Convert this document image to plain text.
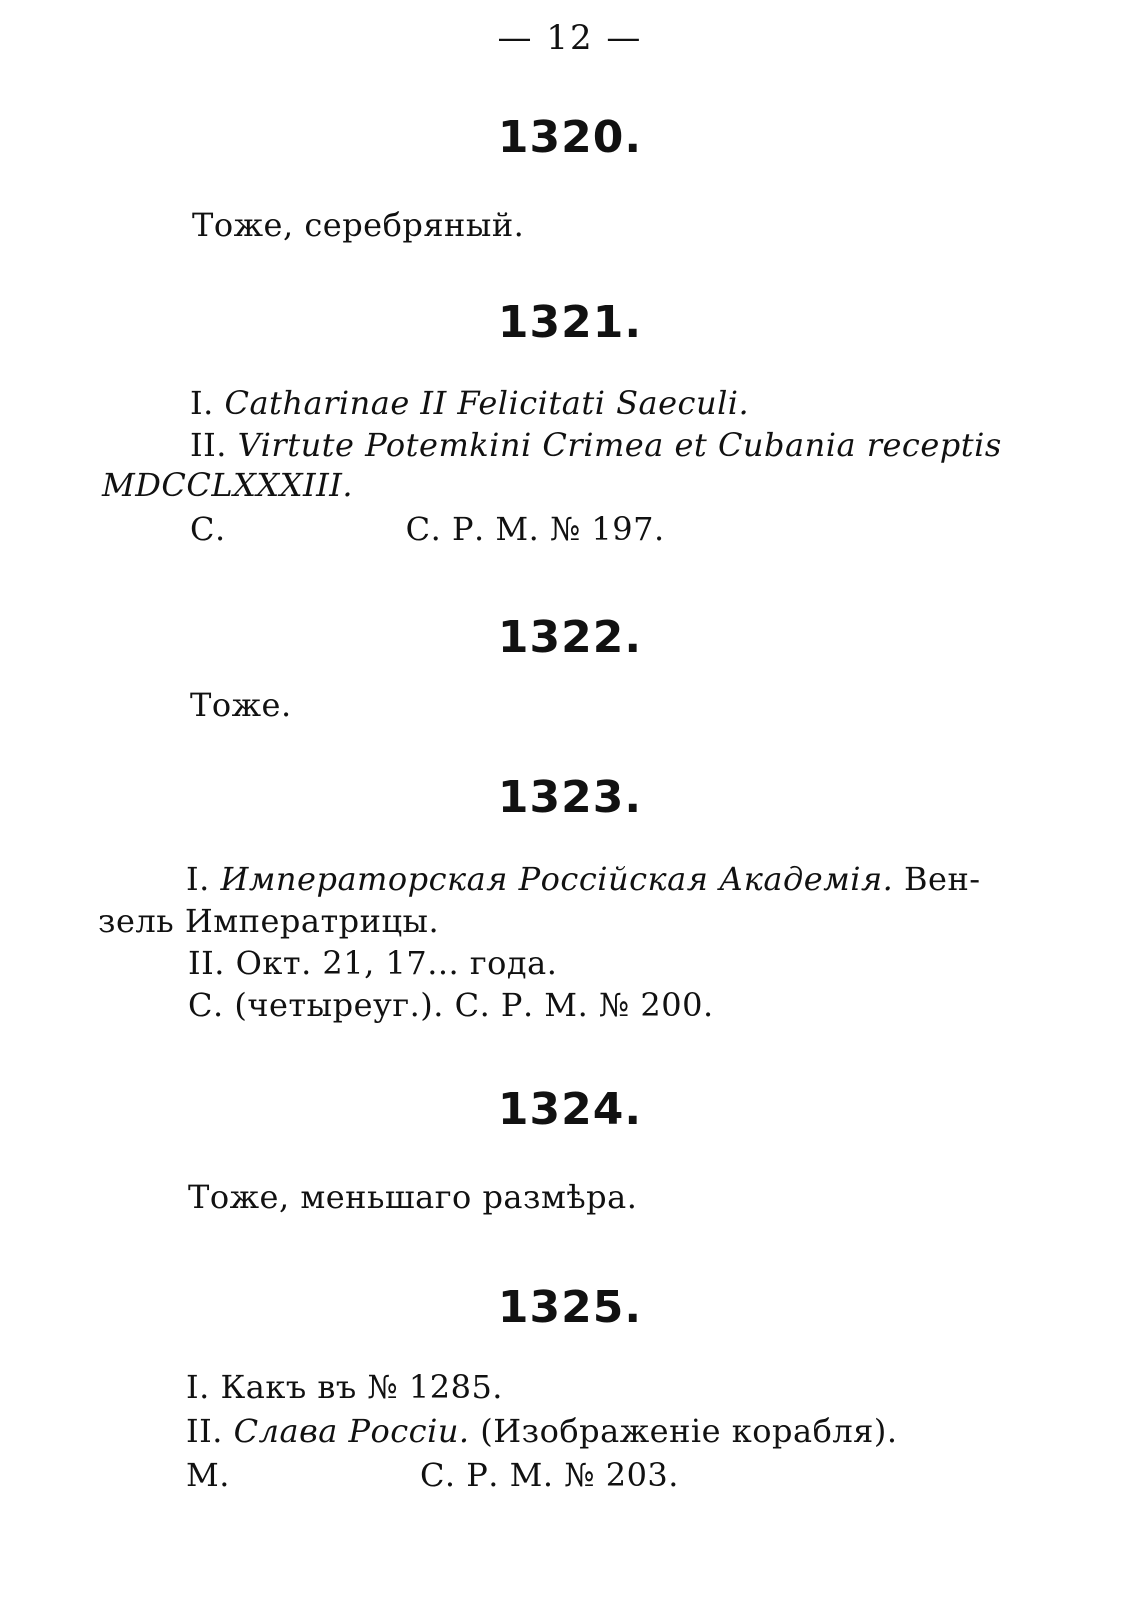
— 12 —
1320.
Тоже, серебряный.
1321.
I. Catharinae II Felicitati Saeculi.
II. Virtute Potemkini Crimea et Cubania receptis
MDCCLXXXIII.
С.	С. Р. М. № 197.
1322.
Тоже.
1323.
I. Императорская Россійская Академія. Вен-
зель Императрицы.
II. Окт. 21, 17... года.
С. (четыреуг.). С. Р. М. № 200.
1324.
Тоже, меньшаго размѣра.
1325.
I. Какъ въ № 1285.
II. Слава Россіи. (Изображеніе корабля).
М.	С. Р. М. № 203.
